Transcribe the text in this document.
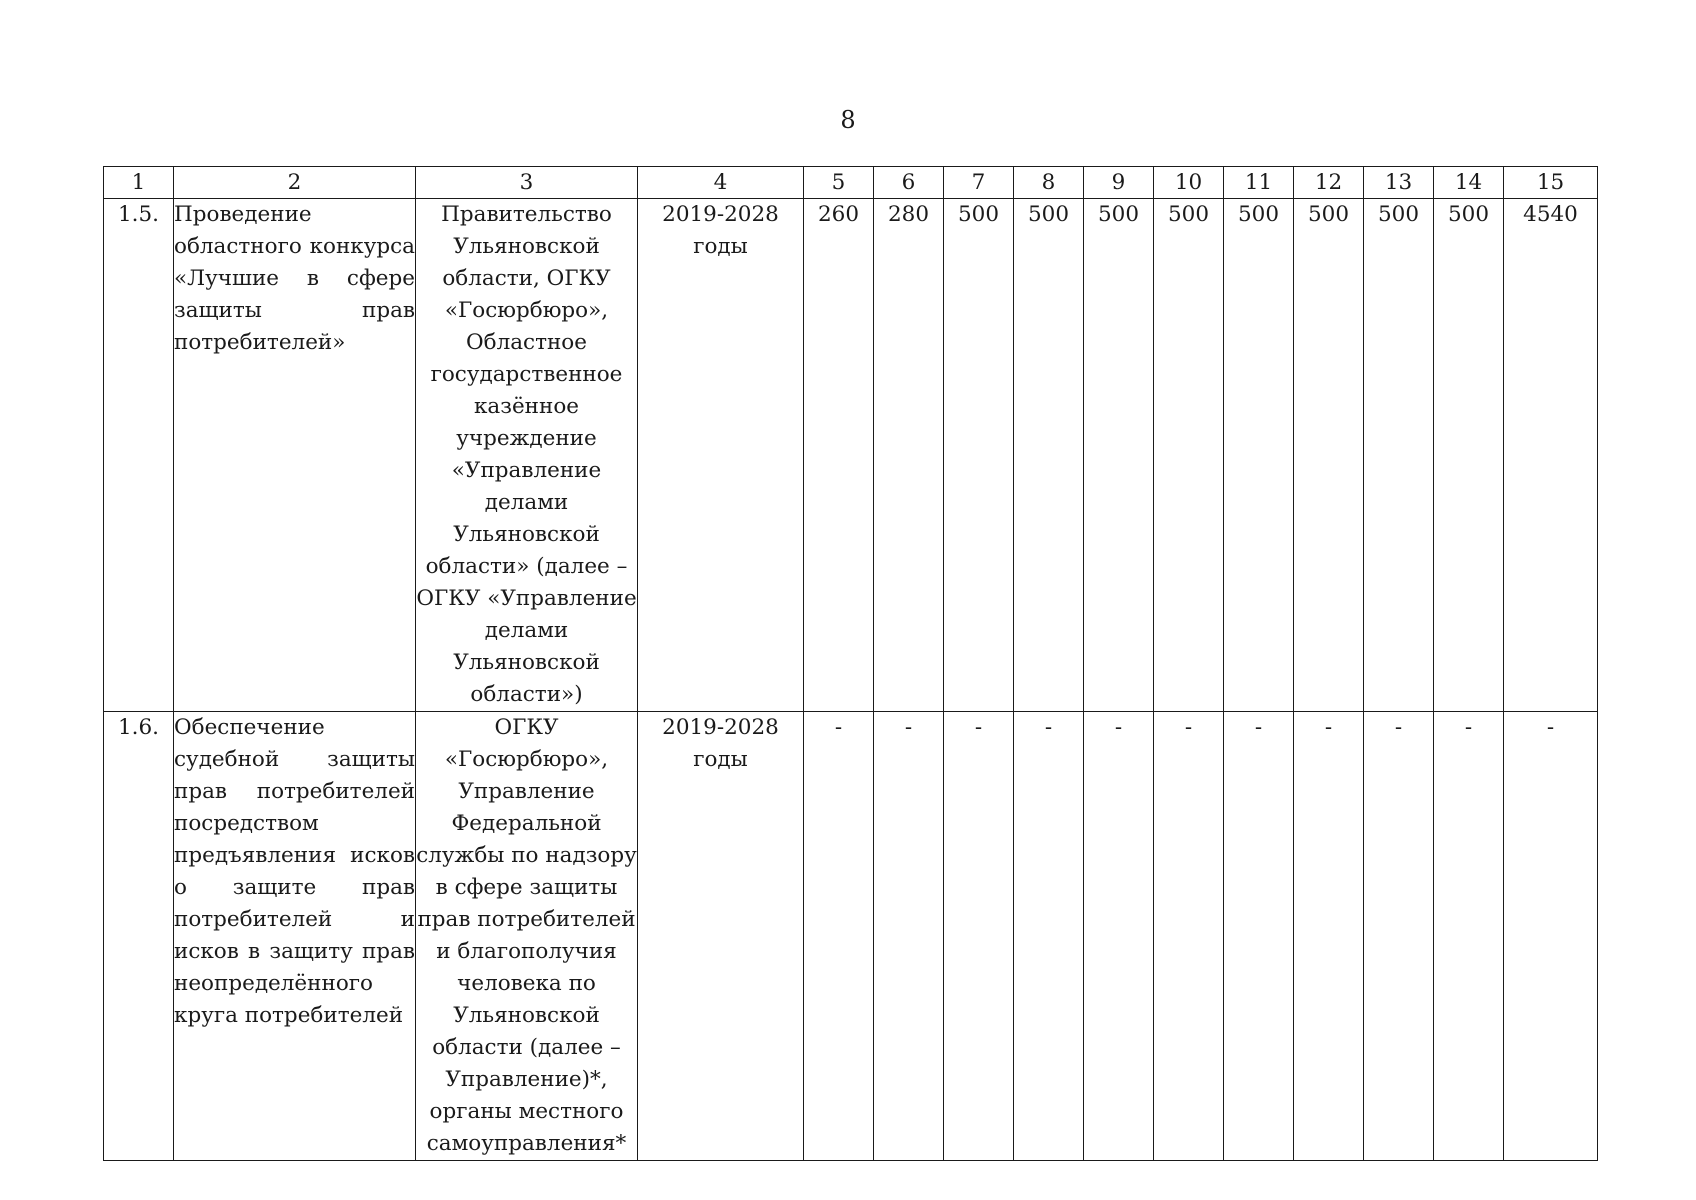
8
1	2	3	4	5	6	7	8	9	10	11	12	13	14	15
1.5.	Проведение областного конкурса «Лучшие в сфере защиты прав потребителей»	Правительство Ульяновской области, ОГКУ «Госюрбюро», Областное государственное казённое учреждение «Управление делами Ульяновской области» (далее – ОГКУ «Управление делами Ульяновской области»)	2019-2028 годы	260	280	500	500	500	500	500	500	500	500	4540
1.6.	Обеспечение судебной защиты прав потребителей посредством предъявления исков о защите прав потребителей и исков в защиту прав неопределённого круга потребителей	ОГКУ «Госюрбюро», Управление Федеральной службы по надзору в сфере защиты прав потребителей и благополучия человека по Ульяновской области (далее – Управление)*, органы местного самоуправления*	2019-2028 годы	-	-	-	-	-	-	-	-	-	-	-
